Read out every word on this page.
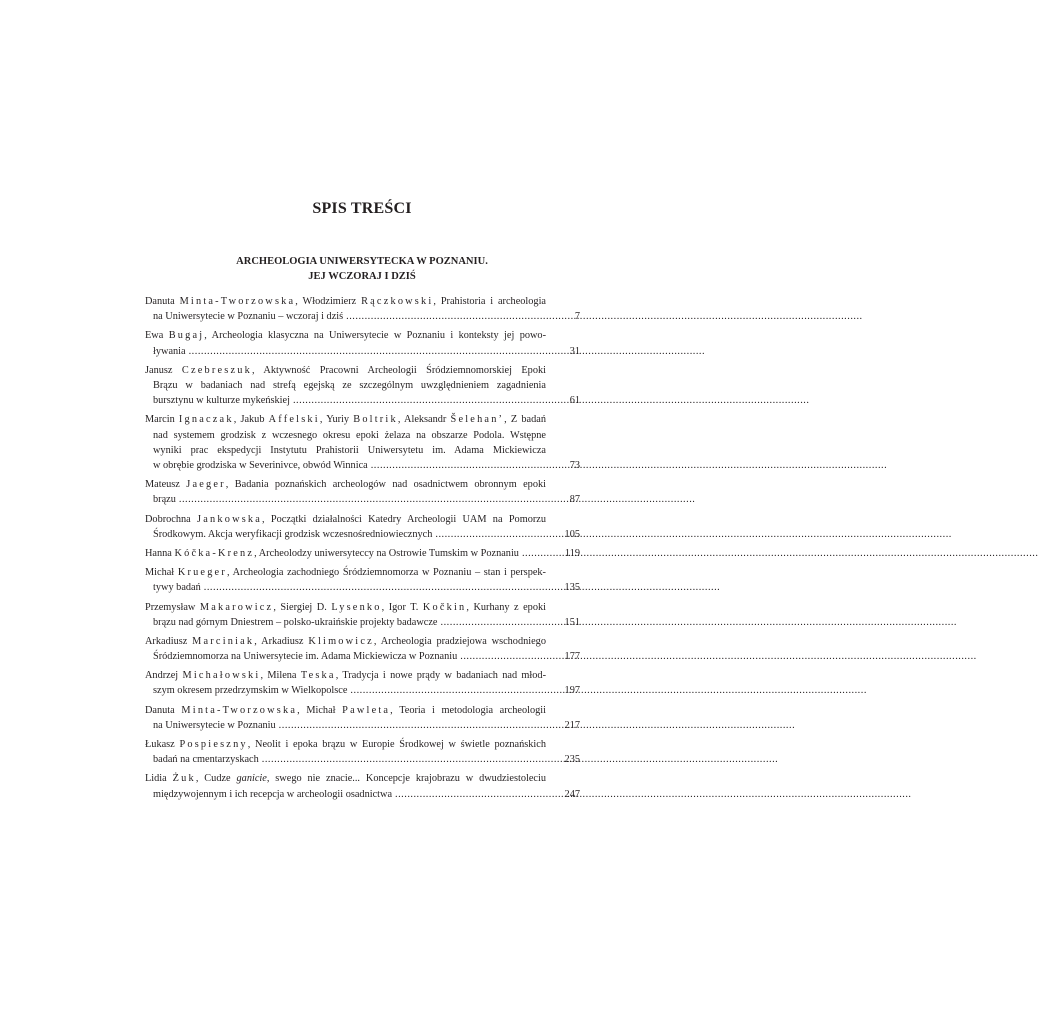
SPIS TREŚCI
ARCHEOLOGIA UNIWERSYTECKA W POZNANIU.
JEJ WCZORAJ I DZIŚ
Danuta Minta-Tworzowska, Włodzimierz Rączkowski, Prahistoria i archeologia
na Uniwersytecie w Poznaniu – wczoraj i dziś .....	7
Ewa Bugaj, Archeologia klasyczna na Uniwersytecie w Poznaniu i konteksty jej powo-
ływania .....	31
Janusz Czebreszuk, Aktywność Pracowni Archeologii Śródziemnomorskiej Epoki
Brązu w badaniach nad strefą egejską ze szczególnym uwzględnieniem zagadnienia
bursztynu w kulturze mykeńskiej .....	61
Marcin Ignaczak, Jakub Affelski, Yuriy Boltrik, Aleksandr Šelehan’, Z badań
nad systemem grodzisk z wczesnego okresu epoki żelaza na obszarze Podola. Wstępne
wyniki prac ekspedycji Instytutu Prahistorii Uniwersytetu im. Adama Mickiewicza
w obrębie grodziska w Severinivce, obwód Winnica .....	73
Mateusz Jaeger, Badania poznańskich archeologów nad osadnictwem obronnym epoki
brązu .....	87
Dobrochna Jankowska, Początki działalności Katedry Archeologii UAM na Pomorzu
Środkowym. Akcja weryfikacji grodzisk wczesnośredniowiecznych .....	105
Hanna Kóčka-Krenz, Archeolodzy uniwersyteccy na Ostrowie Tumskim w Poznaniu .....	119
Michał Krueger, Archeologia zachodniego Śródziemnomorza w Poznaniu – stan i perspek-
tywy badań .....	135
Przemysław Makarowicz, Siergiej D. Lysenko, Igor T. Kočkin, Kurhany z epoki
brązu nad górnym Dniestrem – polsko-ukraińskie projekty badawcze .....	151
Arkadiusz Marciniak, Arkadiusz Klimowicz, Archeologia pradziejowa wschodniego
Śródziemnomorza na Uniwersytecie im. Adama Mickiewicza w Poznaniu .....	177
Andrzej Michałowski, Milena Teska, Tradycja i nowe prądy w badaniach nad młod-
szym okresem przedrzymskim w Wielkopolsce .....	197
Danuta Minta-Tworzowska, Michał Pawleta, Teoria i metodologia archeologii
na Uniwersytecie w Poznaniu .....	217
Łukasz Pospieszny, Neolit i epoka brązu w Europie Środkowej w świetle poznańskich
badań na cmentarzyskach .....	235
Lidia Żuk, Cudze ganicie, swego nie znacie... Koncepcje krajobrazu w dwudziestoleciu
międzywojennym i ich recepcja w archeologii osadnictwa .....	247
